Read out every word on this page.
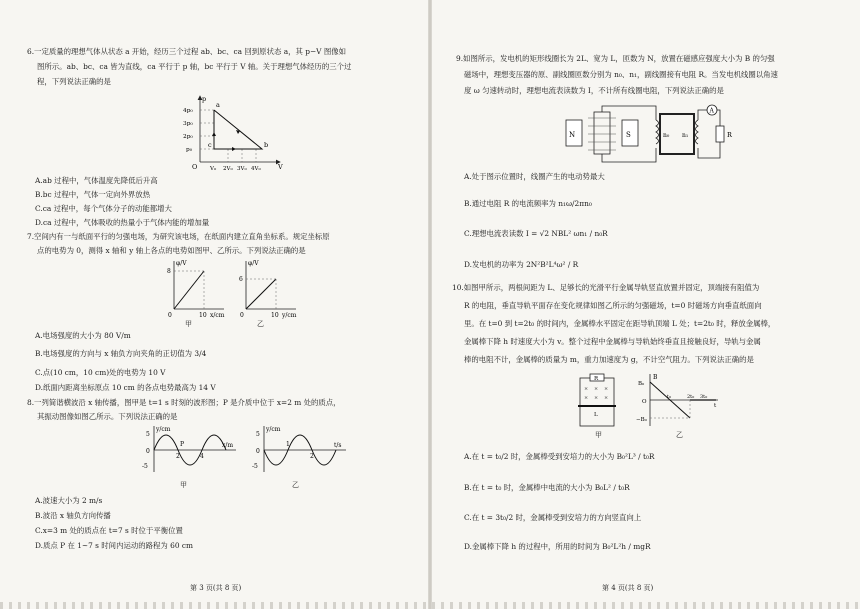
6.一定质量的理想气体从状态 a 开始，经历三个过程 ab、bc、ca 回到原状态 a，其 p−V 图像如
图所示。ab、bc、ca 皆为直线，ca 平行于 p 轴，bc 平行于 V 轴。关于理想气体经历的三个过
程，下列说法正确的是
p
O	V
4p₀
3p₀
2p₀
p₀
V₀ 2V₀ 3V₀ 4V₀
a
b
c
A.ab 过程中，气体温度先降低后升高
B.bc 过程中，气体一定向外界放热
C.ca 过程中，每个气体分子的动能都增大
D.ca 过程中，气体吸收的热量小于气体内能的增加量
7.空间内有一与纸面平行的匀强电场，为研究该电场，在纸面内建立直角坐标系。规定坐标原
点的电势为 0，测得 x 轴和 y 轴上各点的电势如图甲、乙所示。下列说法正确的是
φ/V
8
0	10 x/cm
甲
φ/V
6
0	10 y/cm
乙
A.电场强度的大小为 80 V/m
B.电场强度的方向与 x 轴负方向夹角的正切值为 3/4
C.点(10 cm，10 cm)处的电势为 10 V
D.纸面内距离坐标原点 10 cm 的各点电势最高为 14 V
8.一列简谐横波沿 x 轴传播，图甲是 t=1 s 时刻的波形图；P 是介质中位于 x=2 m 处的质点，
其振动图像如图乙所示。下列说法正确的是
y/cm
5
0
-5
2	4
x/m
P
甲
y/cm
5
0
-5
1
2
t/s
乙
A.波速大小为 2 m/s
B.波沿 x 轴负方向传播
C.x=3 m 处的质点在 t=7 s 时位于平衡位置
D.质点 P 在 1~7 s 时间内运动的路程为 60 cm
第 3 页(共 8 页)
9.如图所示，发电机的矩形线圈长为 2L、宽为 L，匝数为 N，放置在磁感应强度大小为 B 的匀强
磁场中，理想变压器的原、副线圈匝数分别为 n₀、n₁，副线圈接有电阻 R。当发电机线圈以角速
度 ω 匀速转动时，理想电流表读数为 I，不计所有线圈电阻，下列说法正确的是
N	S	n₀ n₁
A
R
A.处于图示位置时，线圈产生的电动势最大
B.通过电阻 R 的电流频率为 n₁ω/2πn₀
C.理想电流表读数 I = √2 NBL² ωn₁ / n₀R
D.发电机的功率为 2N²B²L⁴ω² / R
10.如图甲所示，两根间距为 L、足够长的光滑平行金属导轨竖直放置并固定，顶端接有阻值为
R 的电阻，垂直导轨平面存在变化规律如图乙所示的匀强磁场，t=0 时磁场方向垂直纸面向
里。在 t=0 到 t=2t₀ 的时间内，金属棒水平固定在距导轨顶端 L 处；t=2t₀ 时，释放金属棒，
金属棒下降 h 时速度大小为 v。整个过程中金属棒与导轨始终垂直且接触良好，导轨与金属
棒的电阻不计，金属棒的质量为 m，重力加速度为 g，不计空气阻力。下列说法正确的是
R
× × ×
× × ×
L
甲
B
B₀
O
−B₀
t₀	2t₀ 3t₀
t
乙
A.在 t = t₀/2 时，金属棒受到安培力的大小为 B₀²L³ / t₀R
B.在 t = t₀ 时，金属棒中电流的大小为 B₀L² / t₀R
C.在 t = 3t₀/2 时，金属棒受到安培力的方向竖直向上
D.金属棒下降 h 的过程中，所用的时间为 B₀²L²h / mgR
第 4 页(共 8 页)
